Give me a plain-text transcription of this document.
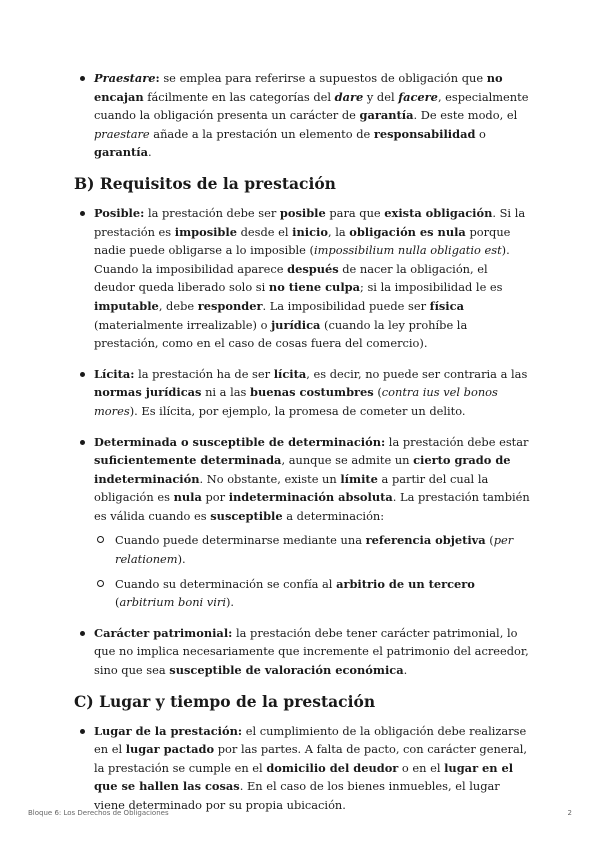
Praestare: se emplea para referirse a supuestos de obligación que no encajan fácilmente en las categorías del dare y del facere, especialmente cuando la obligación presenta un carácter de garantía. De este modo, el praestare añade a la prestación un elemento de responsabilidad o garantía.
B) Requisitos de la prestación
Posible: la prestación debe ser posible para que exista obligación. Si la prestación es imposible desde el inicio, la obligación es nula porque nadie puede obligarse a lo imposible (impossibilium nulla obligatio est). Cuando la imposibilidad aparece después de nacer la obligación, el deudor queda liberado solo si no tiene culpa; si la imposibilidad le es imputable, debe responder. La imposibilidad puede ser física (materialmente irrealizable) o jurídica (cuando la ley prohíbe la prestación, como en el caso de cosas fuera del comercio).
Lícita: la prestación ha de ser lícita, es decir, no puede ser contraria a las normas jurídicas ni a las buenas costumbres (contra ius vel bonos mores). Es ilícita, por ejemplo, la promesa de cometer un delito.
Determinada o susceptible de determinación: la prestación debe estar suficientemente determinada, aunque se admite un cierto grado de indeterminación. No obstante, existe un límite a partir del cual la obligación es nula por indeterminación absoluta. La prestación también es válida cuando es susceptible a determinación:
Cuando puede determinarse mediante una referencia objetiva (per relationem).
Cuando su determinación se confía al arbitrio de un tercero (arbitrium boni viri).
Carácter patrimonial: la prestación debe tener carácter patrimonial, lo que no implica necesariamente que incremente el patrimonio del acreedor, sino que sea susceptible de valoración económica.
C) Lugar y tiempo de la prestación
Lugar de la prestación: el cumplimiento de la obligación debe realizarse en el lugar pactado por las partes. A falta de pacto, con carácter general, la prestación se cumple en el domicilio del deudor o en el lugar en el que se hallen las cosas. En el caso de los bienes inmuebles, el lugar viene determinado por su propia ubicación.
Bloque 6: Los Derechos de Obligaciones	2
